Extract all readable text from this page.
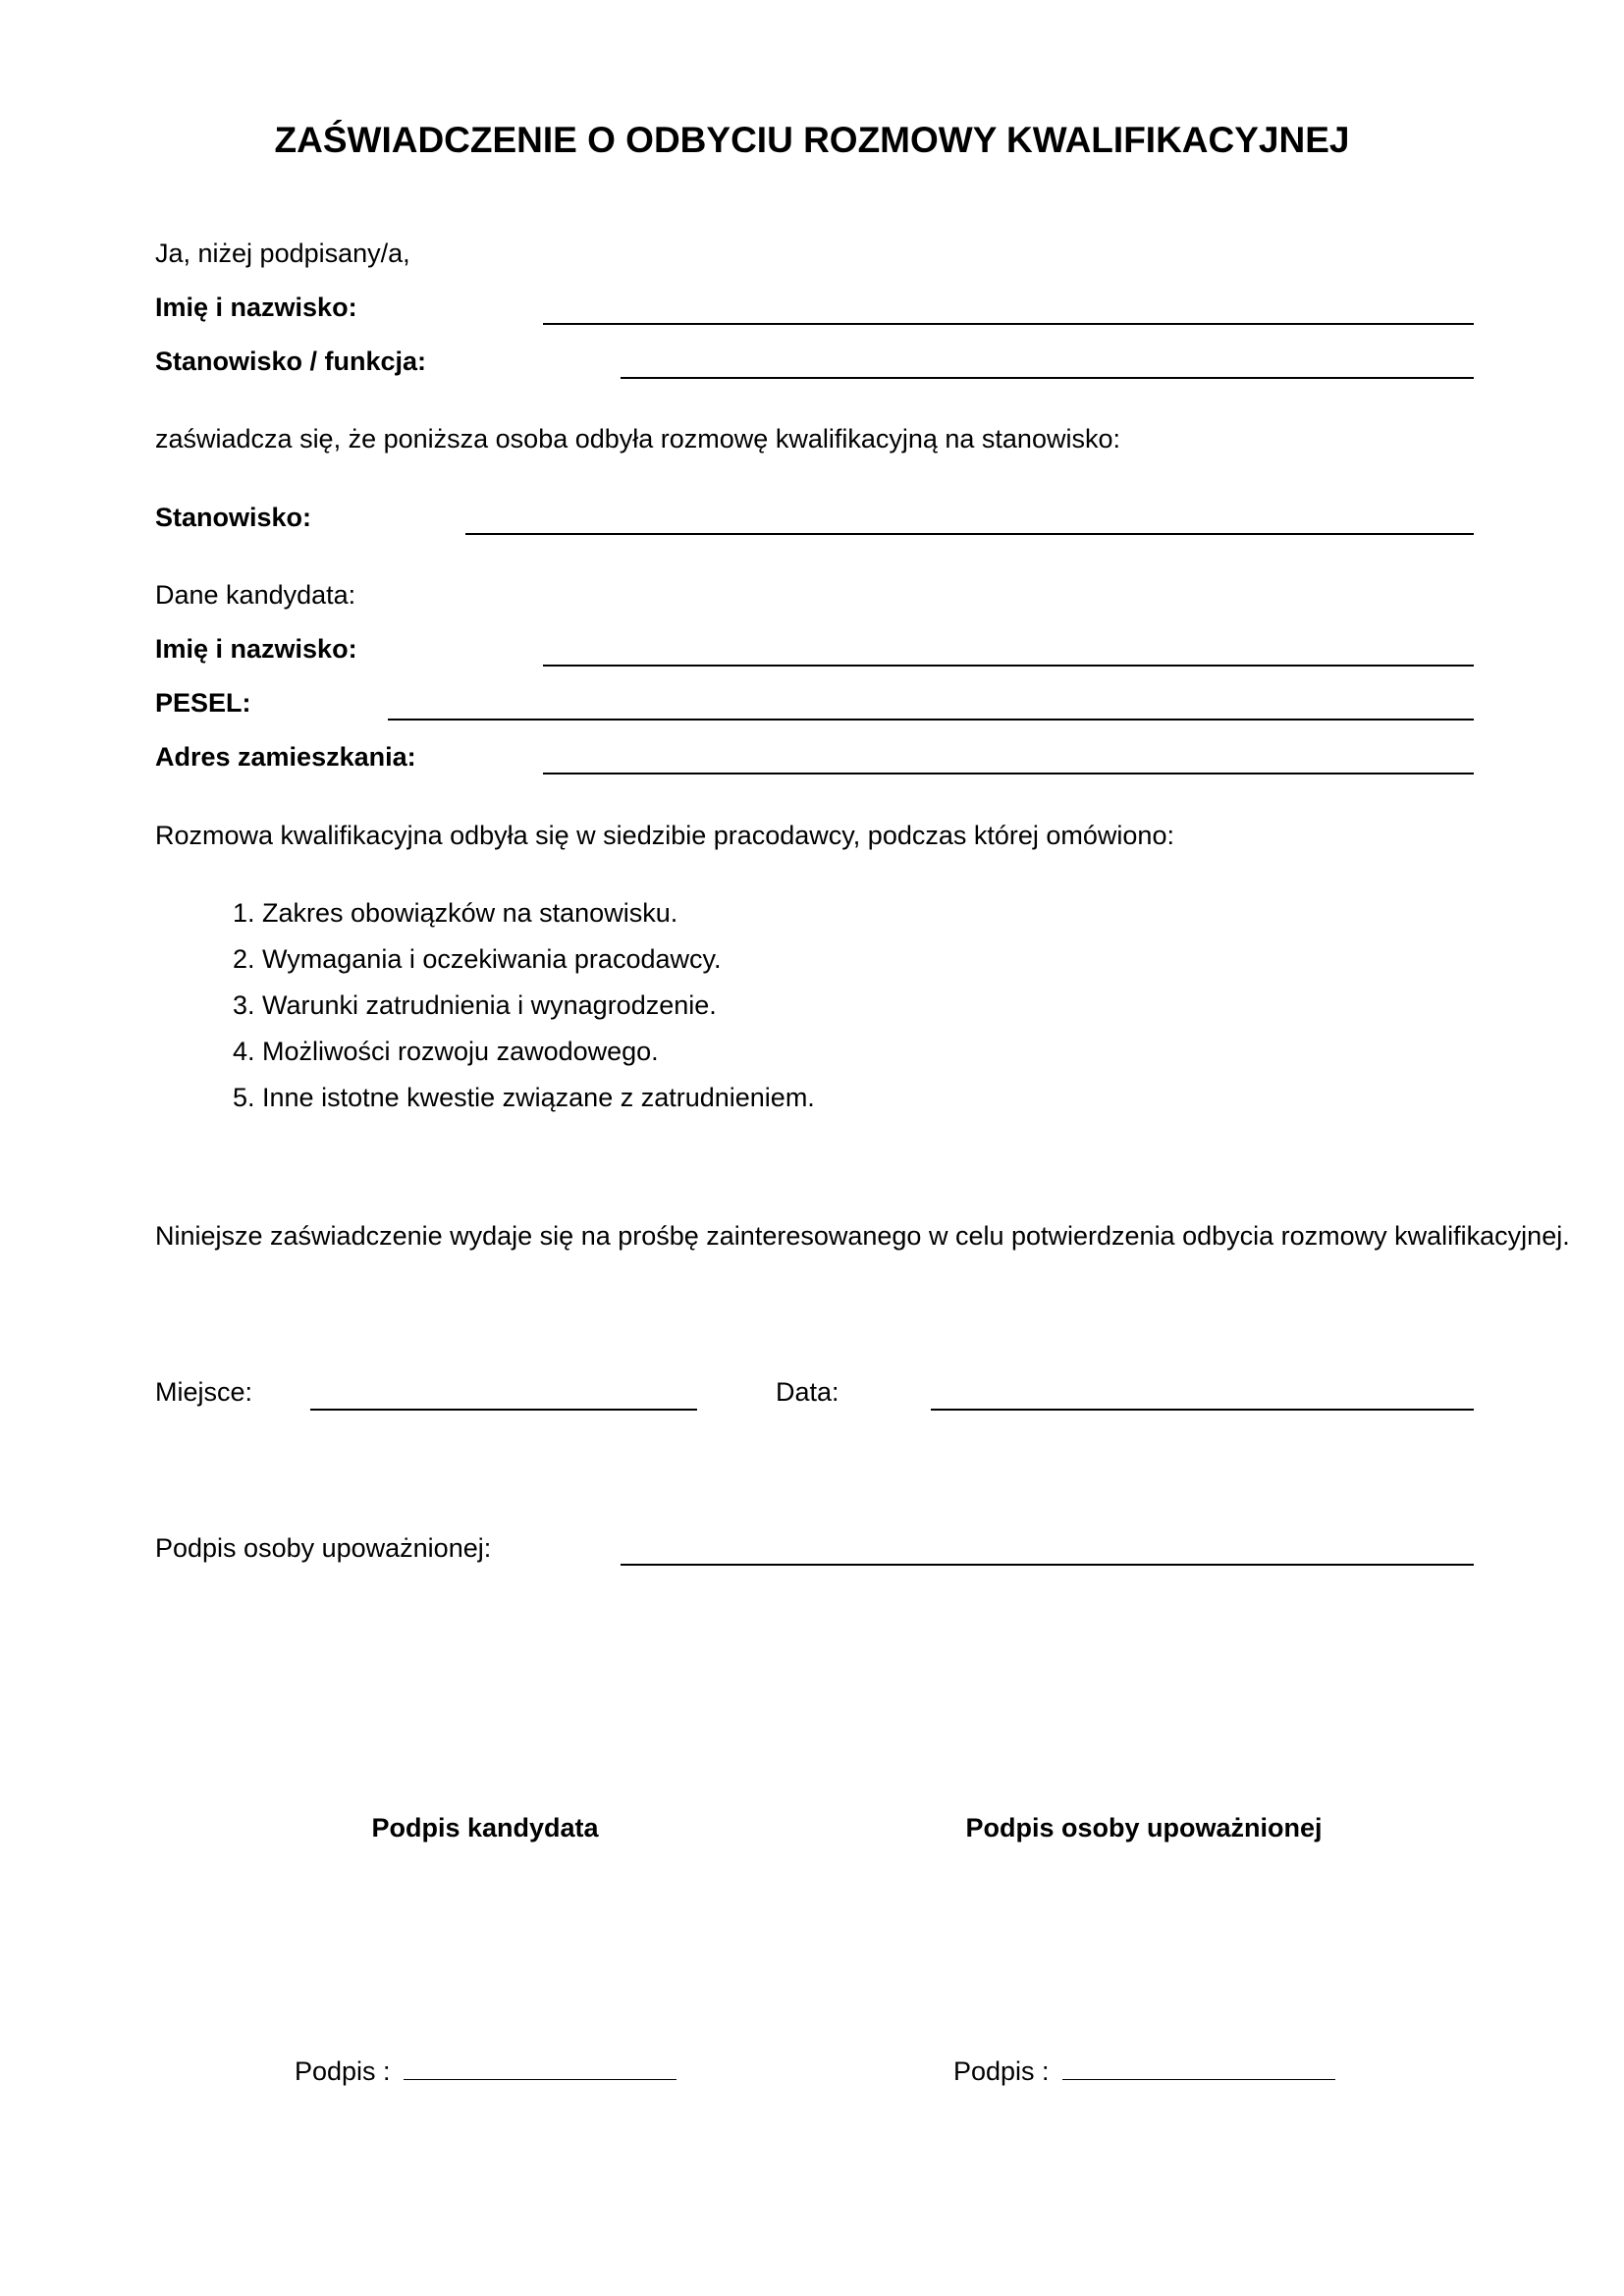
ZAŚWIADCZENIE O ODBYCIU ROZMOWY KWALIFIKACYJNEJ
Ja, niżej podpisany/a,
Imię i nazwisko:
Stanowisko / funkcja:
zaświadcza się, że poniższa osoba odbyła rozmowę kwalifikacyjną na stanowisko:
Stanowisko:
Dane kandydata:
Imię i nazwisko:
PESEL:
Adres zamieszkania:
Rozmowa kwalifikacyjna odbyła się w siedzibie pracodawcy, podczas której omówiono:
1. Zakres obowiązków na stanowisku.
2. Wymagania i oczekiwania pracodawcy.
3. Warunki zatrudnienia i wynagrodzenie.
4. Możliwości rozwoju zawodowego.
5. Inne istotne kwestie związane z zatrudnieniem.
Niniejsze zaświadczenie wydaje się na prośbę zainteresowanego w celu potwierdzenia odbycia rozmowy kwalifikacyjnej.
Miejsce:	Data:
Podpis osoby upoważnionej:
Podpis kandydata	Podpis osoby upoważnionej
Podpis :	Podpis :
